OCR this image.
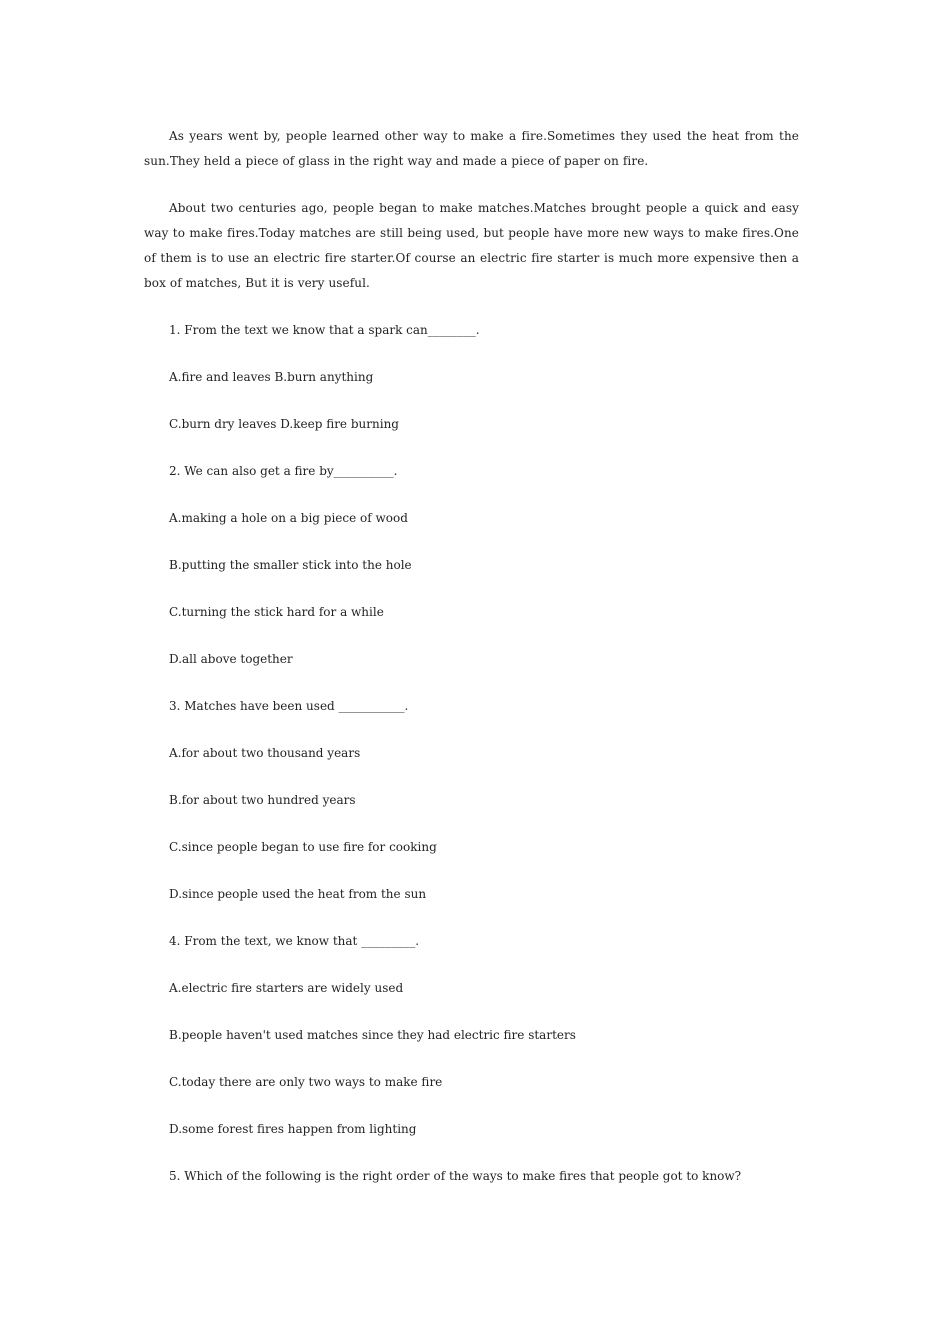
As years went by, people learned other way to make a fire.Sometimes they used the heat from the sun.They held a piece of glass in the right way and made a piece of paper on fire.

About two centuries ago, people began to make matches.Matches brought people a quick and easy way to make fires.Today matches are still being used, but people have more new ways to make fires.One of them is to use an electric fire starter.Of course an electric fire starter is much more expensive then a box of matches, But it is very useful.

1. From the text we know that a spark can________.

A.fire and leaves B.burn anything

C.burn dry leaves D.keep fire burning

2. We can also get a fire by__________.

A.making a hole on a big piece of wood

B.putting the smaller stick into the hole

C.turning the stick hard for a while

D.all above together

3. Matches have been used ___________.

A.for about two thousand years

B.for about two hundred years

C.since people began to use fire for cooking

D.since people used the heat from the sun

4. From the text, we know that _________.

A.electric fire starters are widely used

B.people haven't used matches since they had electric fire starters

C.today there are only two ways to make fire

D.some forest fires happen from lighting

5. Which of the following is the right order of the ways to make fires that people got to know?
